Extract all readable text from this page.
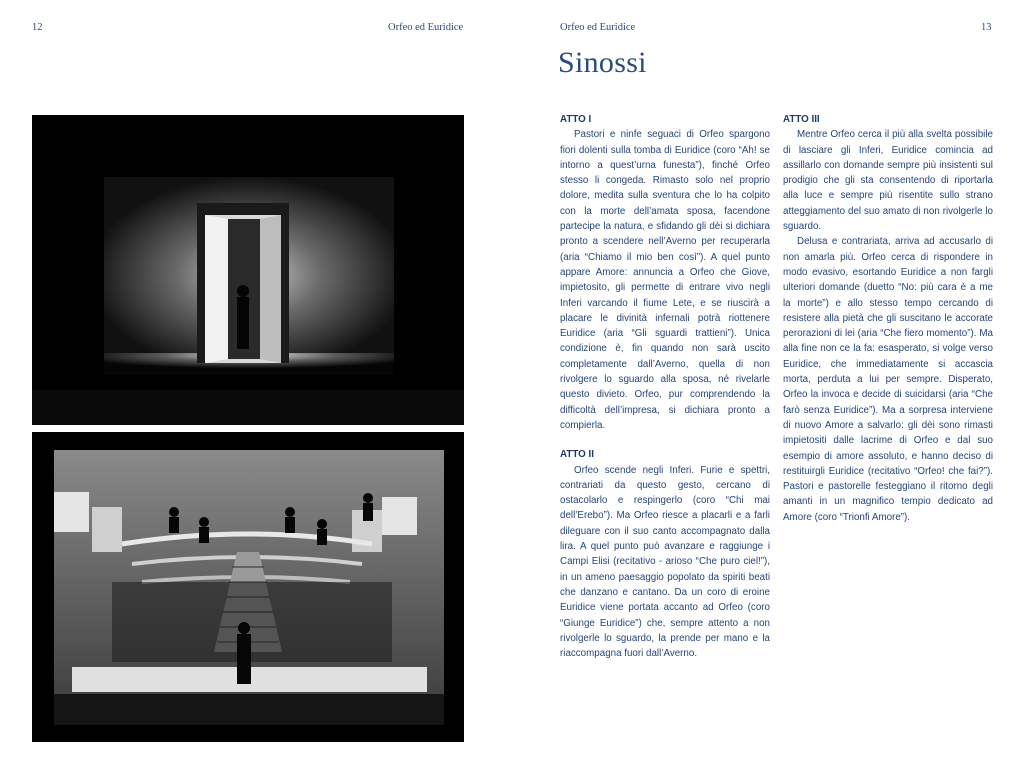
12	Orfeo ed Euridice	Orfeo ed Euridice	13
Sinossi
ATTO I

Pastori e ninfe seguaci di Orfeo spargono fiori dolenti sulla tomba di Euridice (coro “Ah! se intorno a quest’urna funesta”), finché Orfeo stesso li congeda. Rimasto solo nel proprio dolore, medita sulla sventura che lo ha colpito con la morte dell’amata sposa, facendone partecipe la natura, e sfidando gli dèi si dichiara pronto a scendere nell’Averno per recuperarla (aria “Chiamo il mio ben così”). A quel punto appare Amore: annuncia a Orfeo che Giove, impietosito, gli permette di entrare vivo negli Inferi varcando il fiume Lete, e se riuscirà a placare le divinità infernali potrà riottenere Euridice (aria “Gli sguardi trattieni”). Unica condizione è, fin quando non sarà uscito completamente dall’Averno, quella di non rivolgere lo sguardo alla sposa, né rivelarle questo divieto. Orfeo, pur comprendendo la difficoltà dell’impresa, si dichiara pronto a compierla.

ATTO II

Orfeo scende negli Inferi. Furie e spettri, contrariati da questo gesto, cercano di ostacolarlo e respingerlo (coro “Chi mai dell’Erebo”). Ma Orfeo riesce a placarli e a farli dileguare con il suo canto accompagnato dalla lira. A quel punto può avanzare e raggiunge i Campi Elisi (recitativo - arioso “Che puro ciel!”), in un ameno paesaggio popolato da spiriti beati che danzano e cantano. Da un coro di eroine Euridice viene portata accanto ad Orfeo (coro “Giunge Euridice”) che, sempre attento a non rivolgerle lo sguardo, la prende per mano e la riaccompagna fuori dall’Averno.

ATTO III

Mentre Orfeo cerca il più alla svelta possibile di lasciare gli Inferi, Euridice comincia ad assillarlo con domande sempre più insistenti sul prodigio che gli sta consentendo di riportarla alla luce e sempre più risentite sullo strano atteggiamento del suo amato di non rivolgerle lo sguardo.

Delusa e contrariata, arriva ad accusarlo di non amarla più. Orfeo cerca di rispondere in modo evasivo, esortando Euridice a non fargli ulteriori domande (duetto “No: più cara è a me la morte”) e allo stesso tempo cercando di resistere alla pietà che gli suscitano le accorate perorazioni di lei (aria “Che fiero momento”). Ma alla fine non ce la fa: esasperato, si volge verso Euridice, che immediatamente si accascia morta, perduta a lui per sempre. Disperato, Orfeo la invoca e decide di suicidarsi (aria “Che farò senza Euridice”). Ma a sorpresa interviene di nuovo Amore a salvarlo: gli dèi sono rimasti impietositi dalle lacrime di Orfeo e dal suo esempio di amore assoluto, e hanno deciso di restituirgli Euridice (recitativo “Orfeo! che fai?”). Pastori e pastorelle festeggiano il ritorno degli amanti in un magnifico tempio dedicato ad Amore (coro “Trionfi Amore”).
